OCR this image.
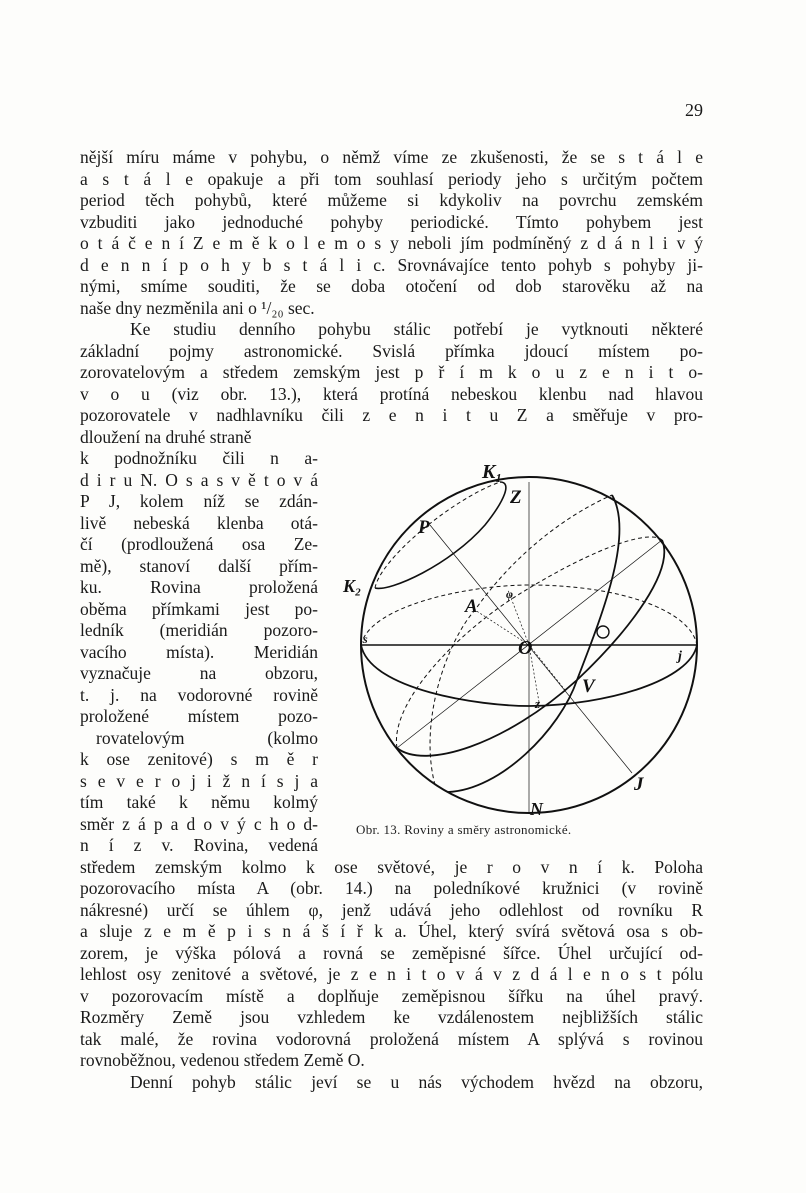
29
nější míru máme v pohybu, o němž víme ze zkušenosti, že se s t á l e
a s t á l e opakuje a při tom souhlasí periody jeho s určitým počtem
period těch pohybů, které můžeme si kdykoliv na povrchu zemském
vzbuditi jako jednoduché pohyby periodické. Tímto pohybem jest
o t á č e n í Z e m ě k o l e m o s y neboli jím podmíněný z d á n l i v ý
d e n n í p o h y b s t á l i c. Srovnávajíce tento pohyb s pohyby ji-
nými, smíme souditi, že se doba otočení od dob starověku až na
naše dny nezměnila ani o ¹/₂₀ sec.
Ke studiu denního pohybu stálic potřebí je vytknouti některé
základní pojmy astronomické. Svislá přímka jdoucí místem po-
zorovatelovým a středem zemským jest p ř í m k o u z e n i t o-
v o u (viz obr. 13.), která protíná nebeskou klenbu nad hlavou
pozorovatele v nadhlavníku čili z e n i t u Z a směřuje v pro-
dloužení na druhé straně
k podnožníku čili n a-
d i r u N. O s a s v ě t o v á
P J, kolem níž se zdán-
livě nebeská klenba otá-
čí (prodloužená osa Ze-
mě), stanoví další přím-
ku. Rovina proložená
oběma přímkami jest po-
ledník (meridián pozoro-
vacího místa). Meridián
vyznačuje na obzoru,
t. j. na vodorovné rovině
proložené místem pozo-
rovatelovým (kolmo
k ose zenitové) s m ě r
s e v e r o j i ž n í s j a
tím také k němu kolmý
směr z á p a d o v ý c h o d-
n í z v. Rovina, vedená
středem zemským kolmo k ose světové, je r o v n í k. Poloha
pozorovacího místa A (obr. 14.) na poledníkové kružnici (v rovině
nákresné) určí se úhlem φ, jenž udává jeho odlehlost od rovníku R
a sluje z e m ě p i s n á š í ř k a. Úhel, který svírá světová osa s ob-
zorem, je výška pólová a rovná se zeměpisné šířce. Úhel určující od-
lehlost osy zenitové a světové, je z e n i t o v á v z d á l e n o s t pólu
v pozorovacím místě a doplňuje zeměpisnou šířku na úhel pravý.
Rozměry Země jsou vzhledem ke vzdálenostem nejbližších stálic
tak malé, že rovina vodorovná proložená místem A splývá s rovinou
rovnoběžnou, vedenou středem Země O.
Denní pohyb stálic jeví se u nás východem hvězd na obzoru,
K₁
Z
P
K₂
A
φ
s	O	j
V
z
J
N
Obr. 13. Roviny a směry astronomické.
